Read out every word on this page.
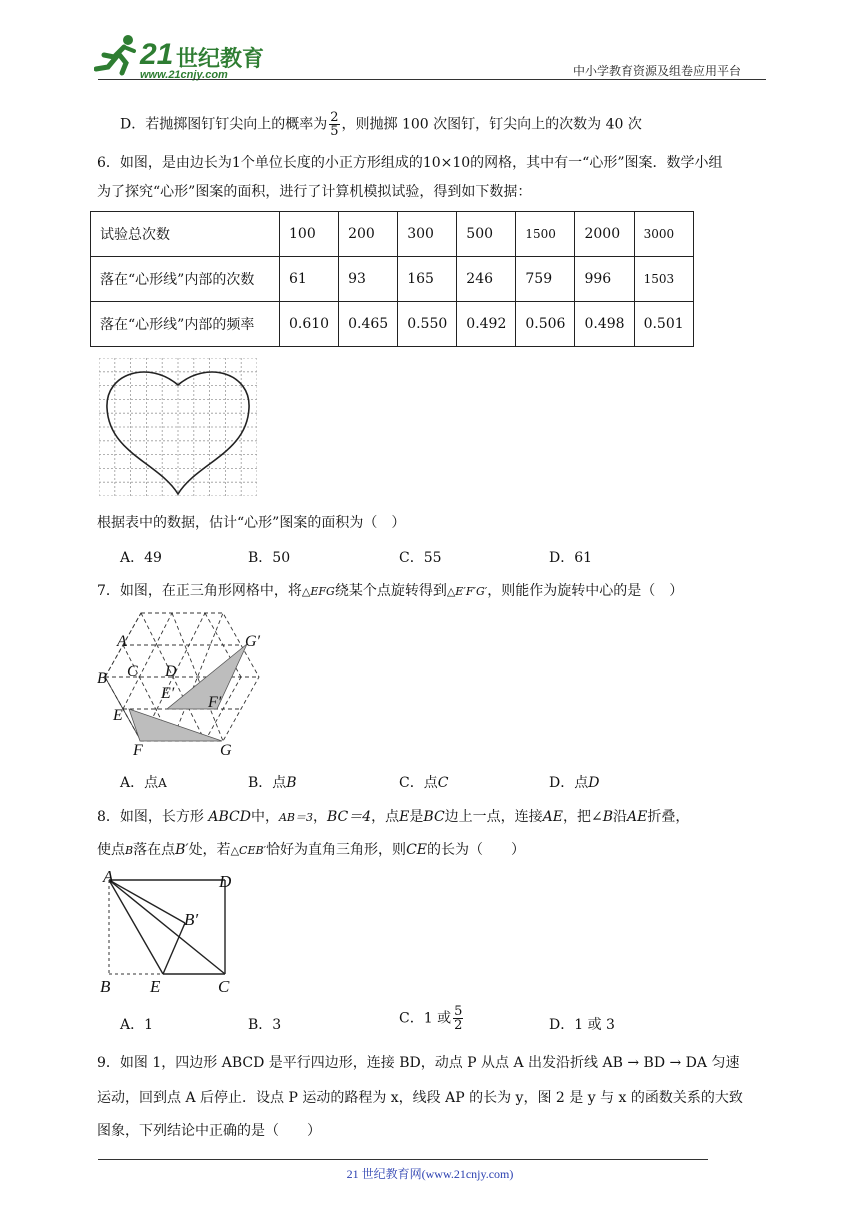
21 世纪教育
www.21cnjy.com	中小学教育资源及组卷应用平台
D．若抛掷图钉钉尖向上的概率为 $\frac{2}{5}$ ，则抛掷 100 次图钉，钉尖向上的次数为 40 次
6．如图，是由边长为1个单位长度的小正方形组成的10×10的网格，其中有一“心形”图案．数学小组
为了探究“心形”图案的面积，进行了计算机模拟试验，得到如下数据：
试验总次数	100	200	300	500	1500	2000	3000
落在“心形线”内部的次数	61	93	165	246	759	996	1503
落在“心形线”内部的频率	0.610	0.465	0.550	0.492	0.506	0.498	0.501
根据表中的数据，估计“心形”图案的面积为（　）
A．49	B．50	C．55	D．61
7．如图，在正三角形网格中，将△EFG绕某个点旋转得到△E′F′G′，则能作为旋转中心的是（　）
A	G′
B C D
E′
F′
E
F	G
A．点A	B．点B	C．点C	D．点D
8．如图，长方形 ABCD中，AB＝3，BC＝4，点E是BC边上一点，连接AE，把∠B沿AE折叠，
使点B落在点B′处，若△CEB′恰好为直角三角形，则CE的长为（　　）
A	D
B′
B E	C
A．1	B．3	C．1 或 $\frac{5}{2}$	D．1 或 3
9．如图 1，四边形 ABCD 是平行四边形，连接 BD，动点 P 从点 A 出发沿折线 AB → BD → DA 匀速
运动，回到点 A 后停止．设点 P 运动的路程为 x，线段 AP 的长为 y，图 2 是 y 与 x 的函数关系的大致
图象，下列结论中正确的是（　　）
21 世纪教育网(www.21cnjy.com)
